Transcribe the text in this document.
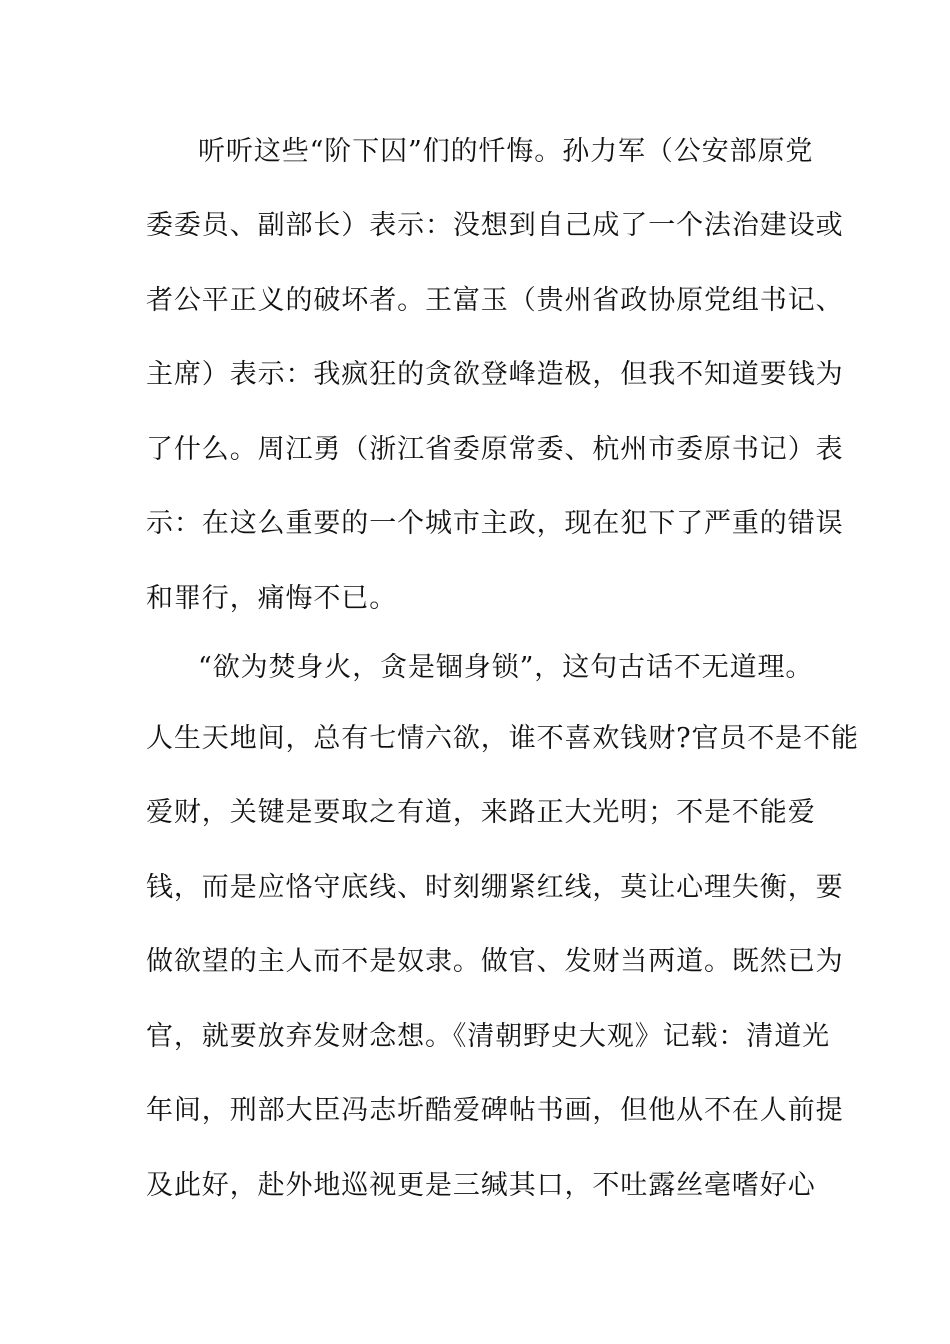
听听这些“阶下囚”们的忏悔。孙力军（公安部原党
委委员、副部长）表示：没想到自己成了一个法治建设或
者公平正义的破坏者。王富玉（贵州省政协原党组书记、
主席）表示：我疯狂的贪欲登峰造极，但我不知道要钱为
了什么。周江勇（浙江省委原常委、杭州市委原书记）表
示：在这么重要的一个城市主政，现在犯下了严重的错误
和罪行，痛悔不已。
“欲为焚身火，贪是锢身锁”，这句古话不无道理。
人生天地间，总有七情六欲，谁不喜欢钱财?官员不是不能
爱财，关键是要取之有道，来路正大光明；不是不能爱
钱，而是应恪守底线、时刻绷紧红线，莫让心理失衡，要
做欲望的主人而不是奴隶。做官、发财当两道。既然已为
官，就要放弃发财念想。《清朝野史大观》记载：清道光
年间，刑部大臣冯志圻酷爱碑帖书画，但他从不在人前提
及此好，赴外地巡视更是三缄其口，不吐露丝毫嗜好心
